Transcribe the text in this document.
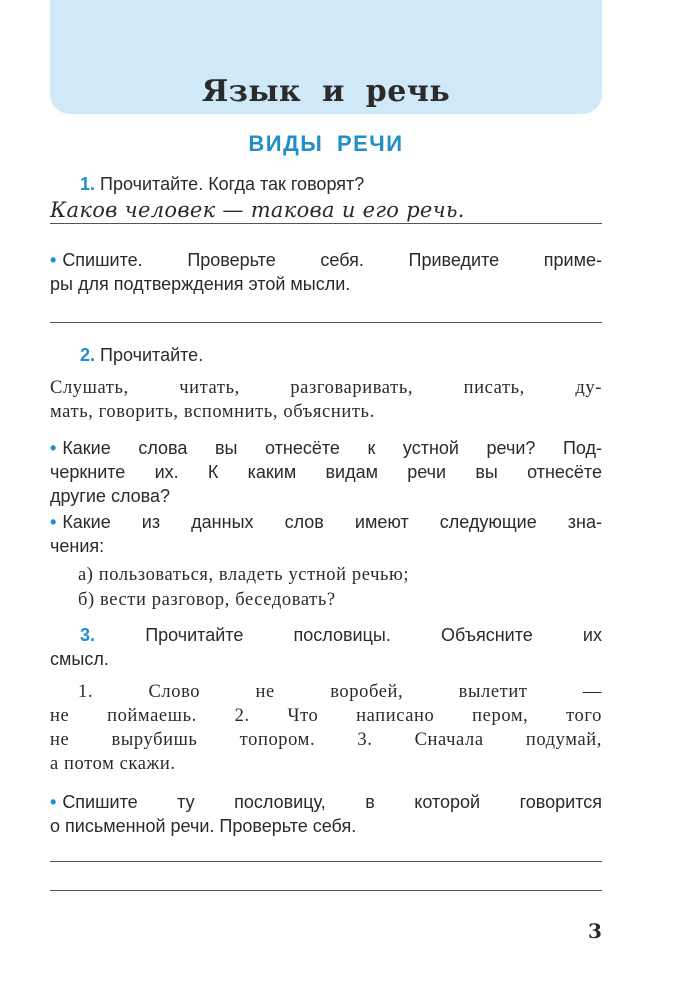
Язык и речь
ВИДЫ РЕЧИ
1. Прочитайте. Когда так говорят?
Каков человек — такова и его речь.
• Спишите. Проверьте себя. Приведите приме-
ры для подтверждения этой мысли.
2. Прочитайте.
Слушать, читать, разговаривать, писать, ду-
мать, говорить, вспомнить, объяснить.
• Какие слова вы отнесёте к устной речи? Под-
черкните их. К каким видам речи вы отнесёте
другие слова?
• Какие из данных слов имеют следующие зна-
чения:
а) пользоваться, владеть устной речью;
б) вести разговор, беседовать?
3.	Прочитайте пословицы. Объясните их
смысл.
1. Слово не воробей, вылетит —
не поймаешь. 2. Что написано пером, того
не вырубишь топором. 3. Сначала подумай,
а потом скажи.
• Спишите ту пословицу, в которой говорится
о письменной речи. Проверьте себя.
3
